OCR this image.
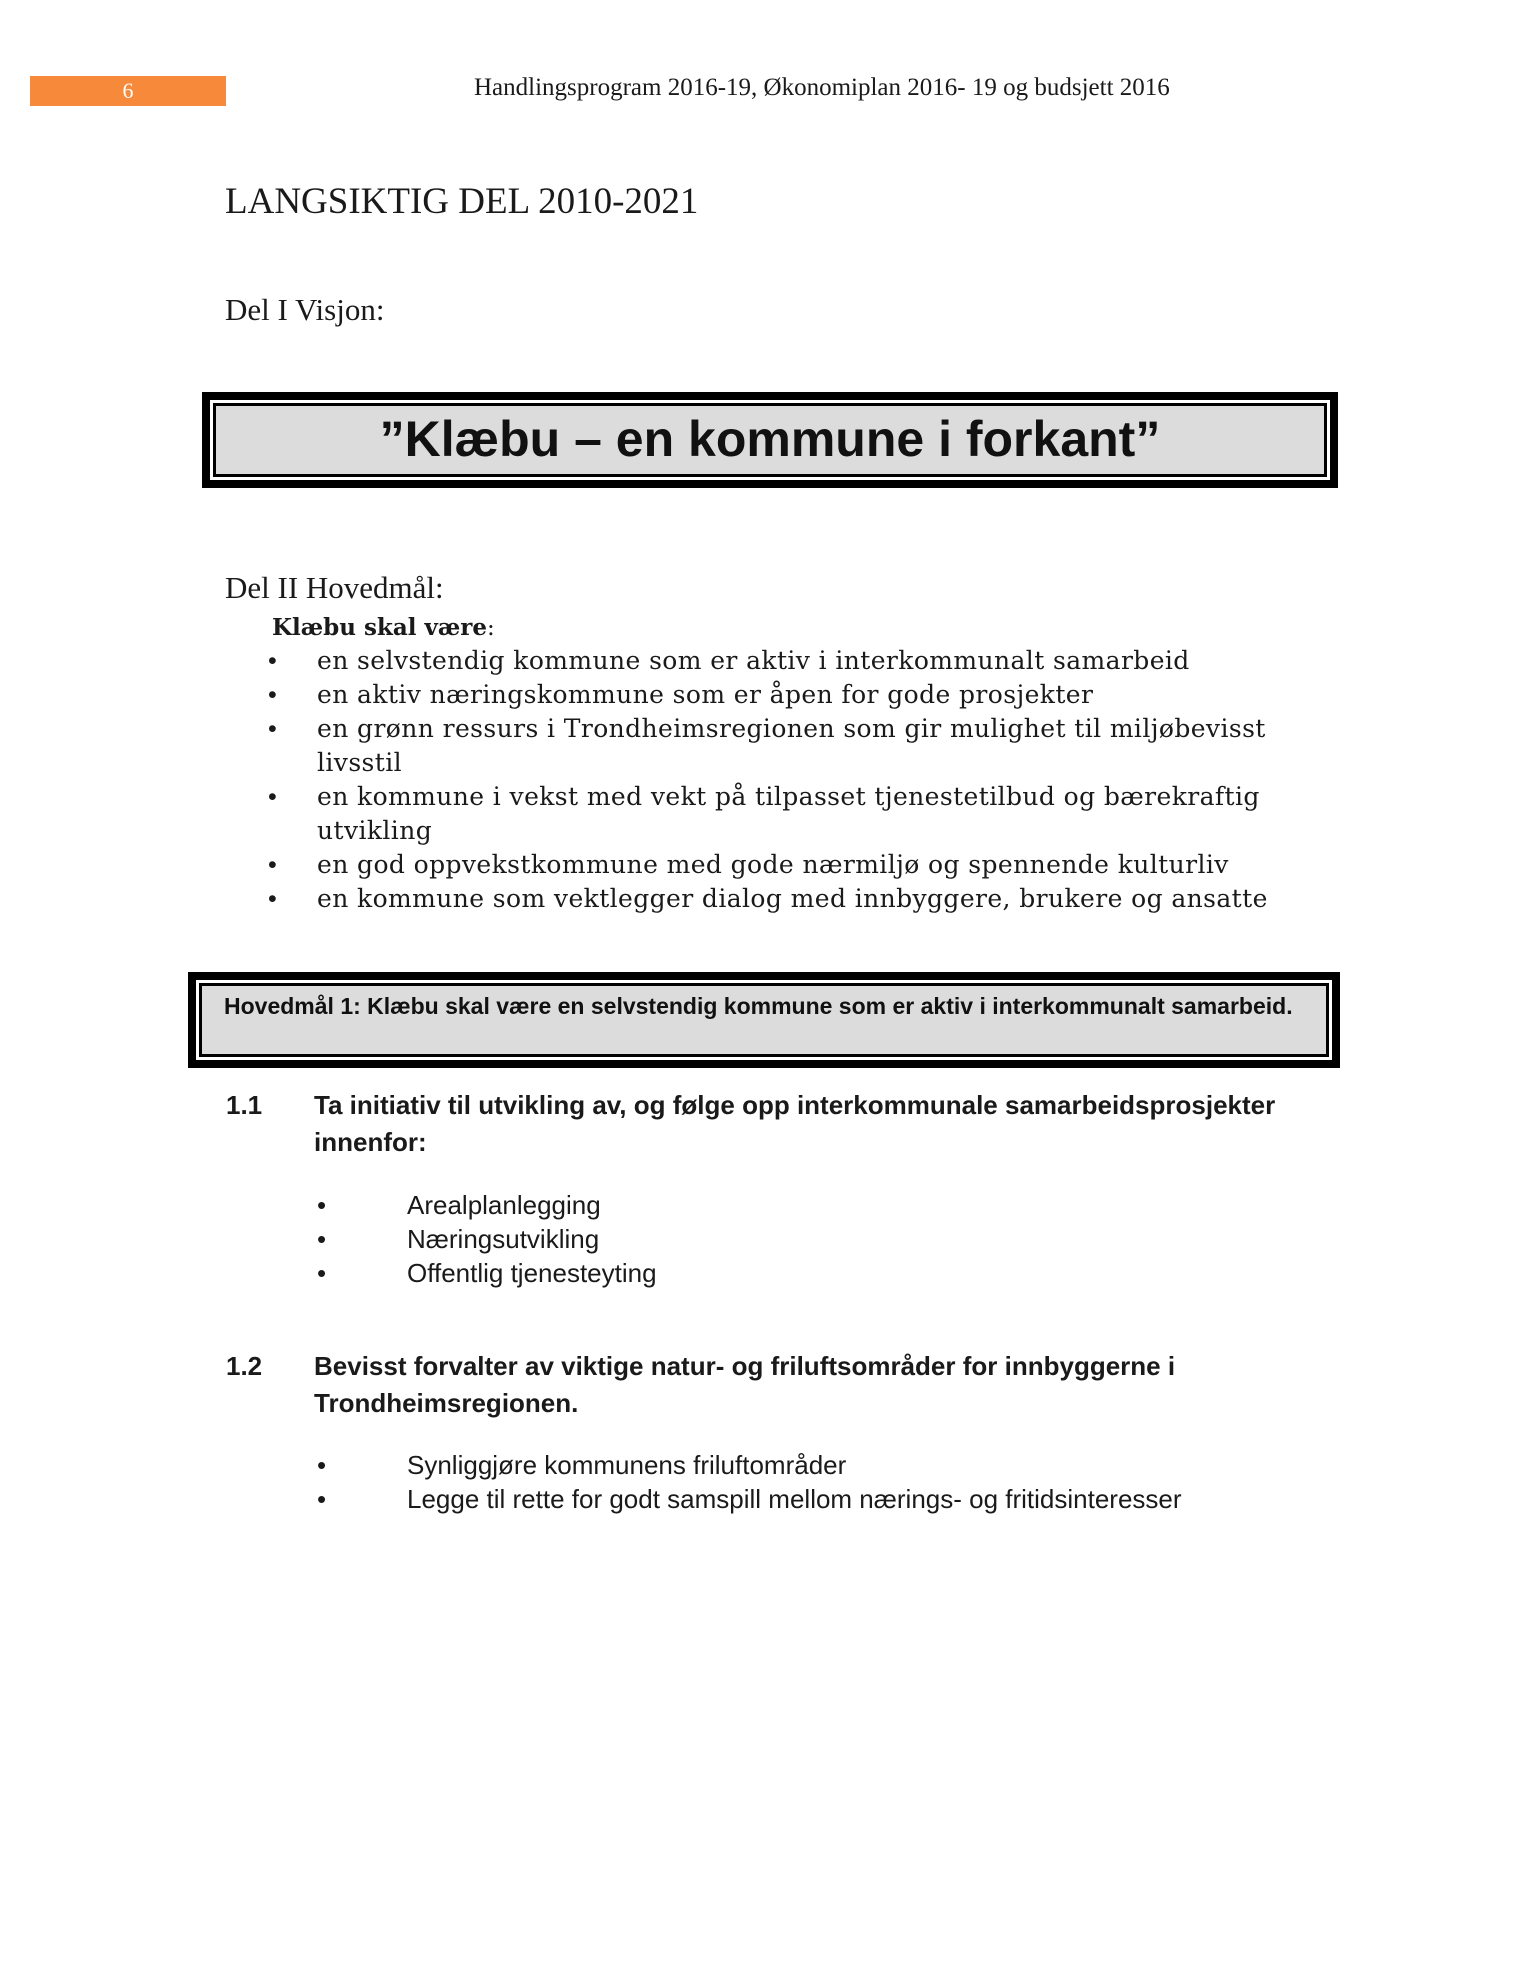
6	Handlingsprogram 2016-19, Økonomiplan 2016- 19 og budsjett 2016
LANGSIKTIG DEL 2010-2021
Del I Visjon:
”Klæbu – en kommune i forkant”
Del II Hovedmål:
Klæbu skal være:
• en selvstendig kommune som er aktiv i interkommunalt samarbeid
• en aktiv næringskommune som er åpen for gode prosjekter
• en grønn ressurs i Trondheimsregionen som gir mulighet til miljøbevisst livsstil
• en kommune i vekst med vekt på tilpasset tjenestetilbud og bærekraftig utvikling
• en god oppvekstkommune med gode nærmiljø og spennende kulturliv
• en kommune som vektlegger dialog med innbyggere, brukere og ansatte
Hovedmål 1: Klæbu skal være en selvstendig kommune som er aktiv i interkommunalt samarbeid.
1.1 Ta initiativ til utvikling av, og følge opp interkommunale samarbeidsprosjekter innenfor:
• Arealplanlegging
• Næringsutvikling
• Offentlig tjenesteyting
1.2 Bevisst forvalter av viktige natur- og friluftsområder for innbyggerne i Trondheimsregionen.
• Synliggjøre kommunens friluftområder
• Legge til rette for godt samspill mellom nærings- og fritidsinteresser
